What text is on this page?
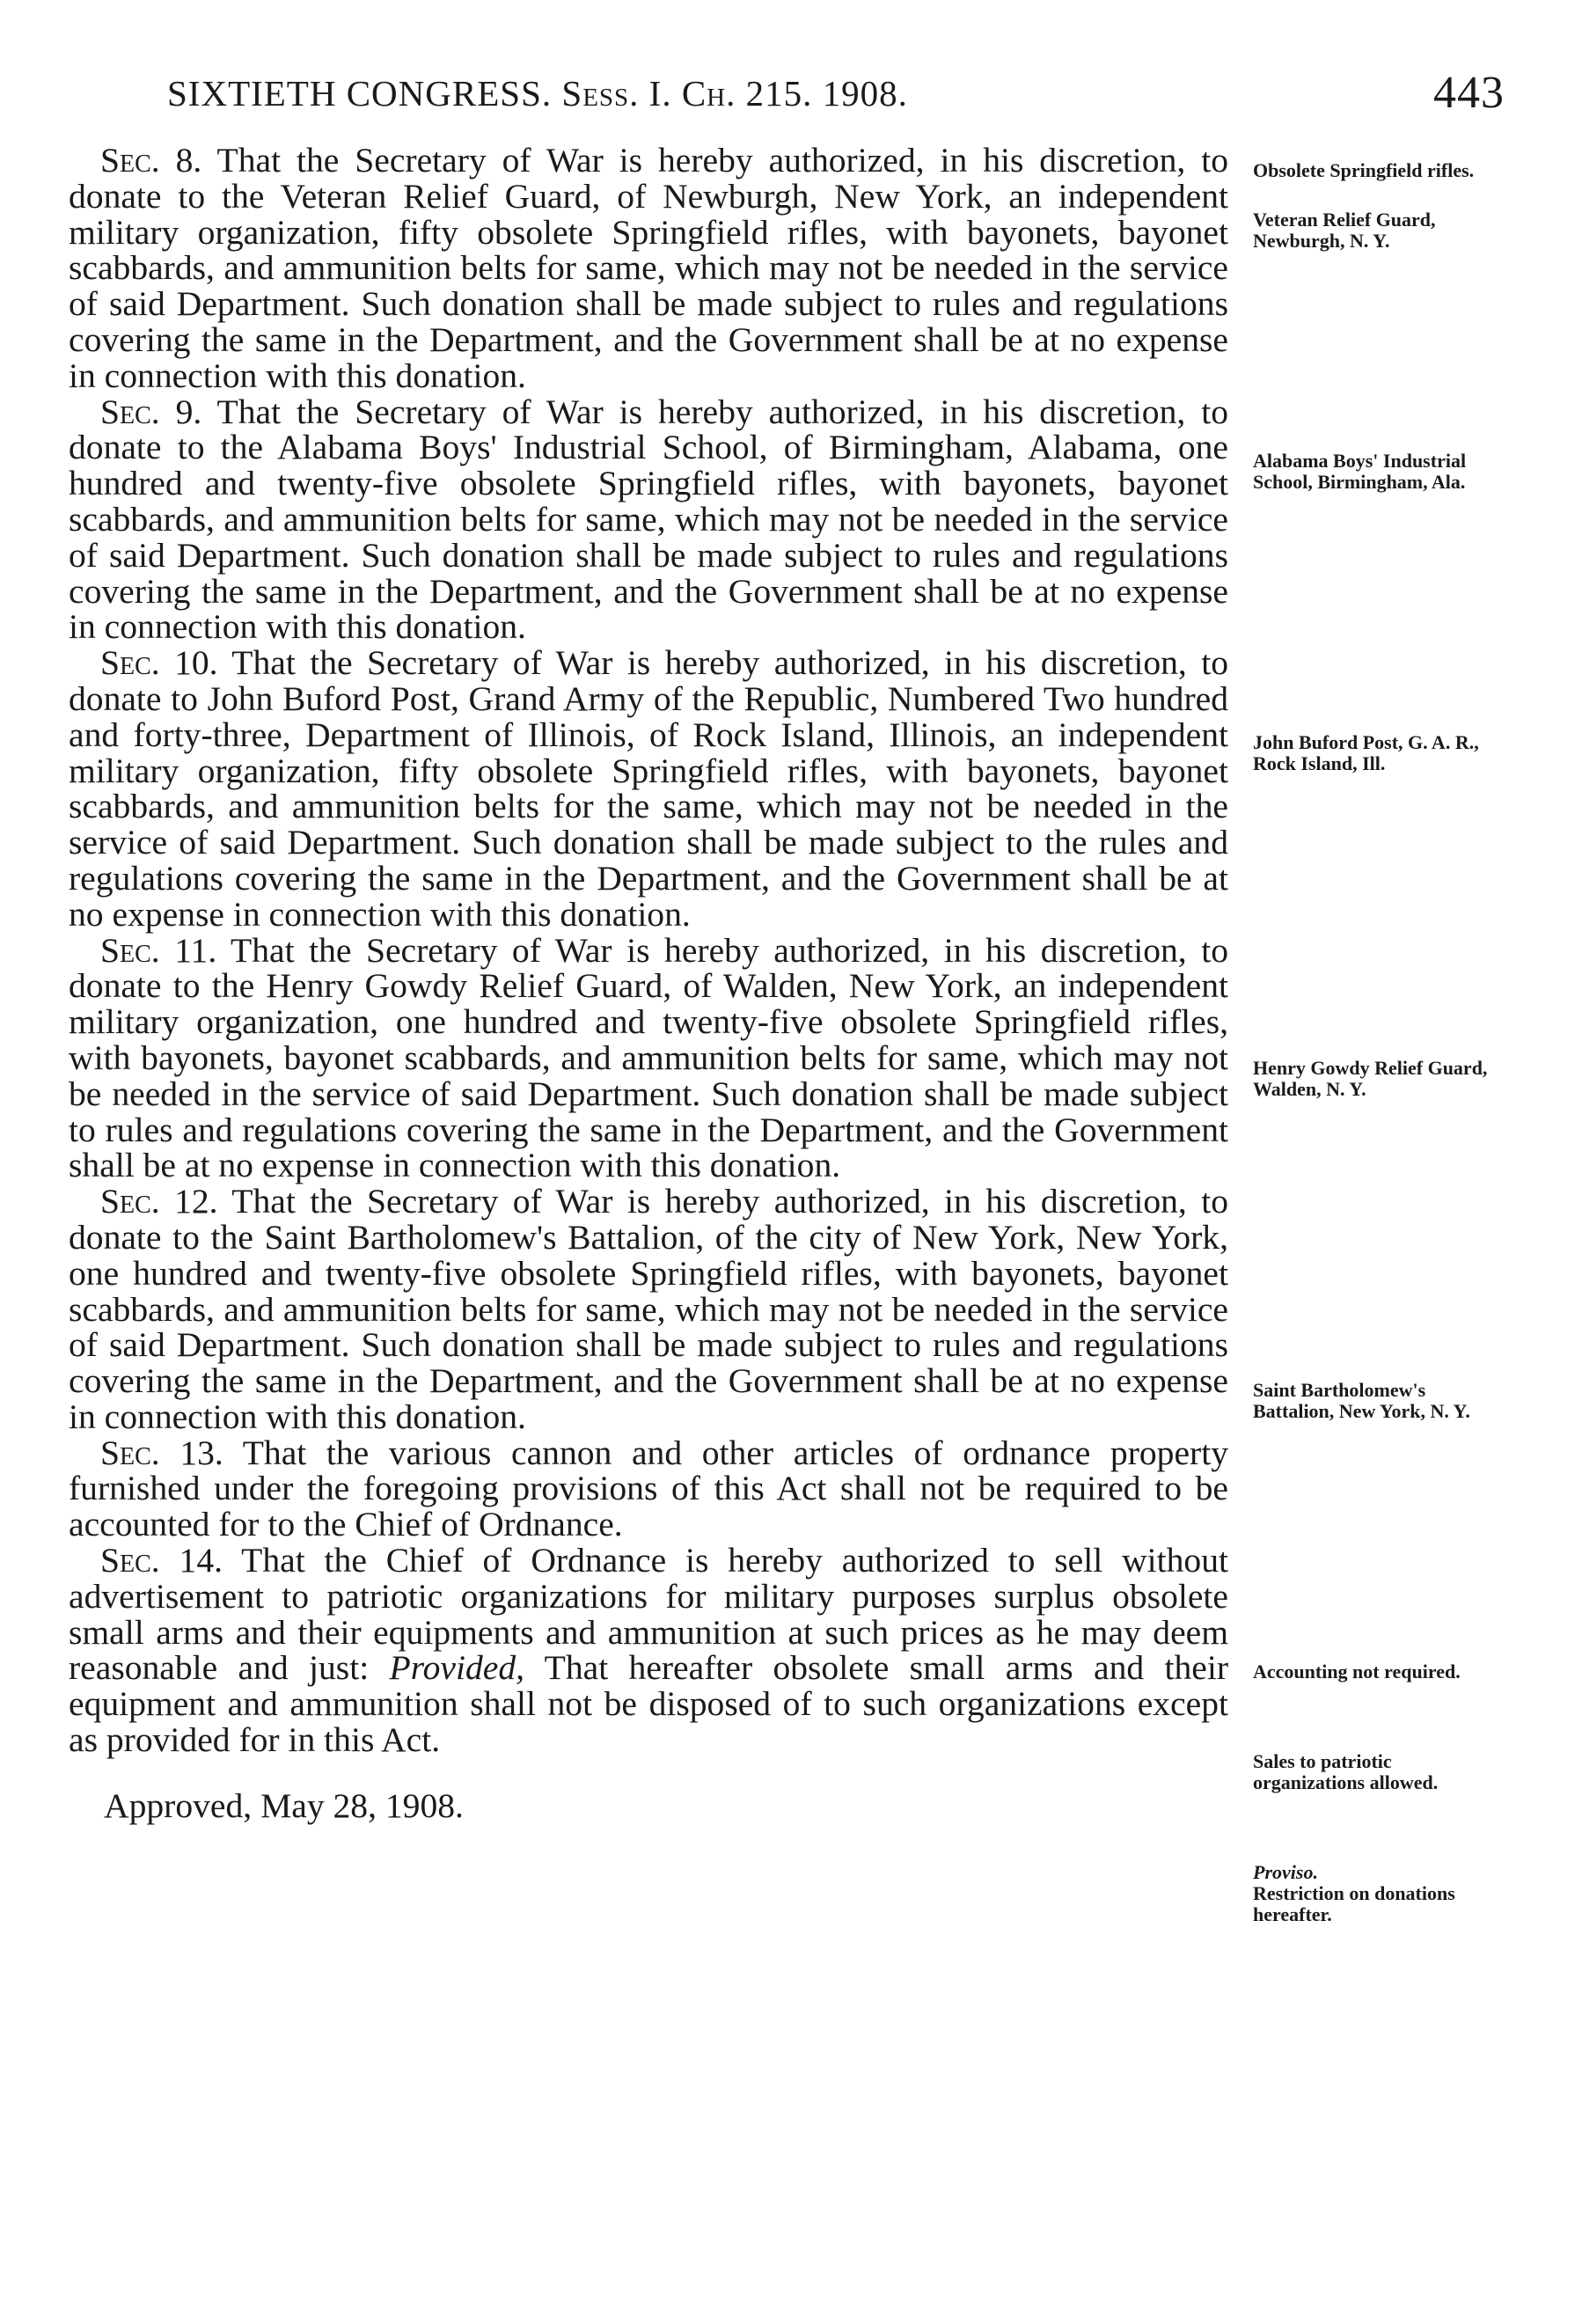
SIXTIETH CONGRESS. Sess. I. Ch. 215. 1908.	443

Sec. 8. That the Secretary of War is hereby authorized, in his discretion, to donate to the Veteran Relief Guard, of Newburgh, New York, an independent military organization, fifty obsolete Springfield rifles, with bayonets, bayonet scabbards, and ammunition belts for same, which may not be needed in the service of said Department. Such donation shall be made subject to rules and regulations covering the same in the Department, and the Government shall be at no expense in connection with this donation.

Sec. 9. That the Secretary of War is hereby authorized, in his discretion, to donate to the Alabama Boys' Industrial School, of Birmingham, Alabama, one hundred and twenty-five obsolete Springfield rifles, with bayonets, bayonet scabbards, and ammunition belts for same, which may not be needed in the service of said Department. Such donation shall be made subject to rules and regulations covering the same in the Department, and the Government shall be at no expense in connection with this donation.

Sec. 10. That the Secretary of War is hereby authorized, in his discretion, to donate to John Buford Post, Grand Army of the Republic, Numbered Two hundred and forty-three, Department of Illinois, of Rock Island, Illinois, an independent military organization, fifty obsolete Springfield rifles, with bayonets, bayonet scabbards, and ammunition belts for the same, which may not be needed in the service of said Department. Such donation shall be made subject to the rules and regulations covering the same in the Department, and the Government shall be at no expense in connection with this donation.

Sec. 11. That the Secretary of War is hereby authorized, in his discretion, to donate to the Henry Gowdy Relief Guard, of Walden, New York, an independent military organization, one hundred and twenty-five obsolete Springfield rifles, with bayonets, bayonet scabbards, and ammunition belts for same, which may not be needed in the service of said Department. Such donation shall be made subject to rules and regulations covering the same in the Department, and the Government shall be at no expense in connection with this donation.

Sec. 12. That the Secretary of War is hereby authorized, in his discretion, to donate to the Saint Bartholomew's Battalion, of the city of New York, New York, one hundred and twenty-five obsolete Springfield rifles, with bayonets, bayonet scabbards, and ammunition belts for same, which may not be needed in the service of said Department. Such donation shall be made subject to rules and regulations covering the same in the Department, and the Government shall be at no expense in connection with this donation.

Sec. 13. That the various cannon and other articles of ordnance property furnished under the foregoing provisions of this Act shall not be required to be accounted for to the Chief of Ordnance.

Sec. 14. That the Chief of Ordnance is hereby authorized to sell without advertisement to patriotic organizations for military purposes surplus obsolete small arms and their equipments and ammunition at such prices as he may deem reasonable and just: Provided, That hereafter obsolete small arms and their equipment and ammunition shall not be disposed of to such organizations except as provided for in this Act.

Approved, May 28, 1908.

Obsolete Springfield rifles.
Veteran Relief Guard, Newburgh, N. Y.
Alabama Boys' Industrial School, Birmingham, Ala.
John Buford Post, G. A. R., Rock Island, Ill.
Henry Gowdy Relief Guard, Walden, N. Y.
Saint Bartholomew's Battalion, New York, N. Y.
Accounting not required.
Sales to patriotic organizations allowed.
Proviso.
Restriction on donations hereafter.
